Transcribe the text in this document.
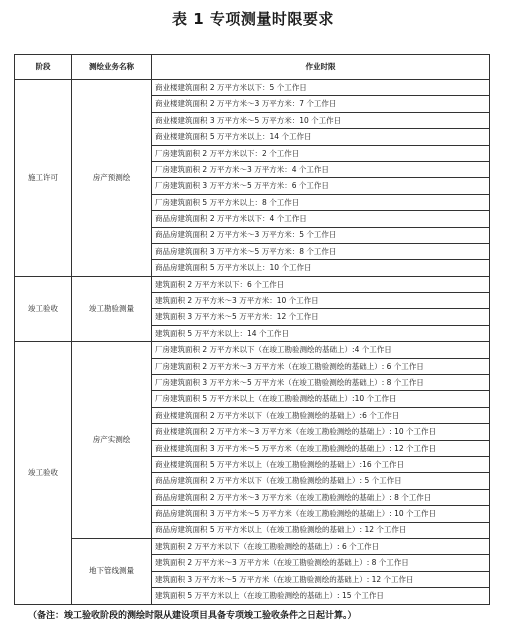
表 1 专项测量时限要求
阶段	测绘业务名称	作业时限
施工许可	房产预测绘	商业楼建筑面积 2 万平方米以下：5 个工作日
		商业楼建筑面积 2 万平方米～3 万平方米：7 个工作日
		商业楼建筑面积 3 万平方米～5 万平方米：10 个工作日
		商业楼建筑面积 5 万平方米以上：14 个工作日
		厂房建筑面积 2 万平方米以下：2 个工作日
		厂房建筑面积 2 万平方米～3 万平方米：4 个工作日
		厂房建筑面积 3 万平方米～5 万平方米：6 个工作日
		厂房建筑面积 5 万平方米以上：8 个工作日
		商品房建筑面积 2 万平方米以下：4 个工作日
		商品房建筑面积 2 万平方米～3 万平方米：5 个工作日
		商品房建筑面积 3 万平方米～5 万平方米：8 个工作日
		商品房建筑面积 5 万平方米以上：10 个工作日
竣工验收	竣工勘验测量	建筑面积 2 万平方米以下：6 个工作日
		建筑面积 2 万平方米～3 万平方米：10 个工作日
		建筑面积 3 万平方米～5 万平方米：12 个工作日
		建筑面积 5 万平方米以上：14 个工作日
竣工验收	房产实测绘	厂房建筑面积 2 万平方米以下（在竣工勘验测绘的基础上）:4 个工作日
		厂房建筑面积 2 万平方米～3 万平方米（在竣工勘验测绘的基础上）: 6 个工作日
		厂房建筑面积 3 万平方米～5 万平方米（在竣工勘验测绘的基础上）: 8 个工作日
		厂房建筑面积 5 万平方米以上（在竣工勘验测绘的基础上）:10 个工作日
		商业楼建筑面积 2 万平方米以下（在竣工勘验测绘的基础上）:6 个工作日
		商业楼建筑面积 2 万平方米～3 万平方米（在竣工勘验测绘的基础上）: 10 个工作日
		商业楼建筑面积 3 万平方米～5 万平方米（在竣工勘验测绘的基础上）: 12 个工作日
		商业楼建筑面积 5 万平方米以上（在竣工勘验测绘的基础上）:16 个工作日
		商品房建筑面积 2 万平方米以下（在竣工勘验测绘的基础上）: 5 个工作日
		商品房建筑面积 2 万平方米～3 万平方米（在竣工勘验测绘的基础上）: 8 个工作日
		商品房建筑面积 3 万平方米～5 万平方米（在竣工勘验测绘的基础上）: 10 个工作日
		商品房建筑面积 5 万平方米以上（在竣工勘验测绘的基础上）: 12 个工作日
	地下管线测量	建筑面积 2 万平方米以下（在竣工勘验测绘的基础上）: 6 个工作日
		建筑面积 2 万平方米～3 万平方米（在竣工勘验测绘的基础上）: 8 个工作日
		建筑面积 3 万平方米～5 万平方米（在竣工勘验测绘的基础上）: 12 个工作日
		建筑面积 5 万平方米以上（在竣工勘验测绘的基础上）: 15 个工作日
（备注：竣工验收阶段的测绘时限从建设项目具备专项竣工验收条件之日起计算。）
